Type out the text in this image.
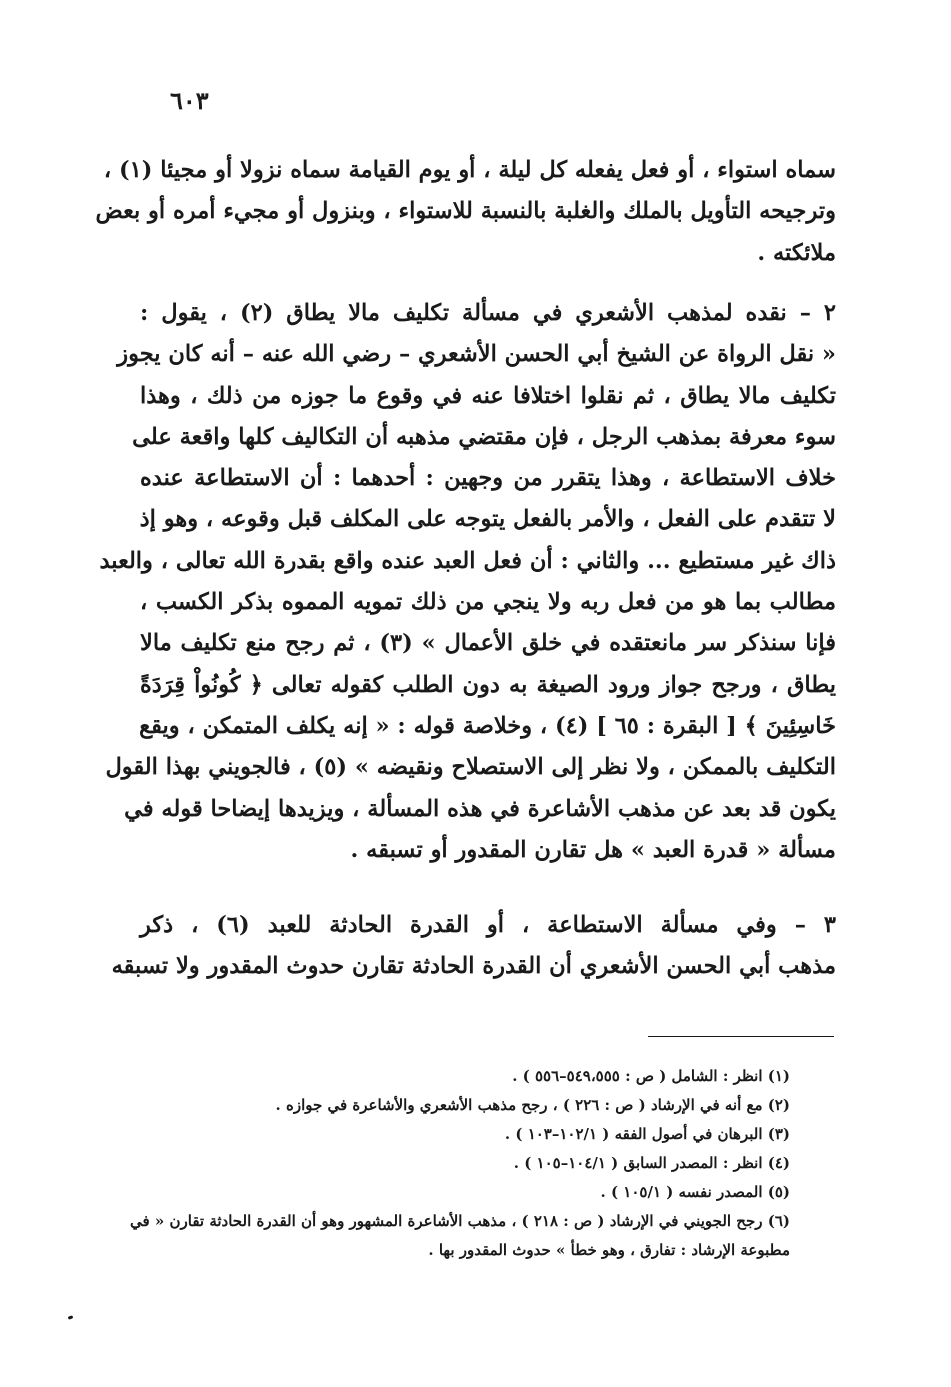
٦٠٣
سماه استواء ، أو فعل يفعله كل ليلة ، أو يوم القيامة سماه نزولا أو مجيئا (١) ،
وترجيحه التأويل بالملك والغلبة بالنسبة للاستواء ، وبنزول أو مجيء أمره أو بعض
ملائكته .
٢ – نقده لمذهب الأشعري في مسألة تكليف مالا يطاق (٢) ، يقول :
« نقل الرواة عن الشيخ أبي الحسن الأشعري – رضي الله عنه – أنه كان يجوز
تكليف مالا يطاق ، ثم نقلوا اختلافا عنه في وقوع ما جوزه من ذلك ، وهذا
سوء معرفة بمذهب الرجل ، فإن مقتضي مذهبه أن التكاليف كلها واقعة على
خلاف الاستطاعة ، وهذا يتقرر من وجهين : أحدهما : أن الاستطاعة عنده
لا تتقدم على الفعل ، والأمر بالفعل يتوجه على المكلف قبل وقوعه ، وهو إذ
ذاك غير مستطيع ... والثاني : أن فعل العبد عنده واقع بقدرة الله تعالى ، والعبد
مطالب بما هو من فعل ربه ولا ينجي من ذلك تمويه المموه بذكر الكسب ،
فإنا سنذكر سر مانعتقده في خلق الأعمال » (٣) ، ثم رجح منع تكليف مالا
يطاق ، ورجح جواز ورود الصيغة به دون الطلب كقوله تعالى ﴿ كُونُواْ قِرَدَةً
خَاسِئِينَ ﴾ [ البقرة : ٦٥ ] (٤) ، وخلاصة قوله : « إنه يكلف المتمكن ، ويقع
التكليف بالممكن ، ولا نظر إلى الاستصلاح ونقيضه » (٥) ، فالجويني بهذا القول
يكون قد بعد عن مذهب الأشاعرة في هذه المسألة ، ويزيدها إيضاحا قوله في
مسألة « قدرة العبد » هل تقارن المقدور أو تسبقه .
٣ – وفي مسألة الاستطاعة ، أو القدرة الحادثة للعبد (٦) ، ذكر
مذهب أبي الحسن الأشعري أن القدرة الحادثة تقارن حدوث المقدور ولا تسبقه

(١) انظر : الشامل ( ص : ٥٤٩،٥٥٥–٥٥٦ ) .

(٢) مع أنه في الإرشاد ( ص : ٢٢٦ ) ، رجح مذهب الأشعري والأشاعرة في جوازه .

(٣) البرهان في أصول الفقه ( ١٠٢/١–١٠٣ ) .

(٤) انظر : المصدر السابق ( ١٠٤/١–١٠٥ ) .

(٥) المصدر نفسه ( ١٠٥/١ ) .

(٦) رجح الجويني في الإرشاد ( ص : ٢١٨ ) ، مذهب الأشاعرة المشهور وهو أن القدرة الحادثة تقارن « في مطبوعة الإرشاد : تفارق ، وهو خطأ » حدوث المقدور بها .
